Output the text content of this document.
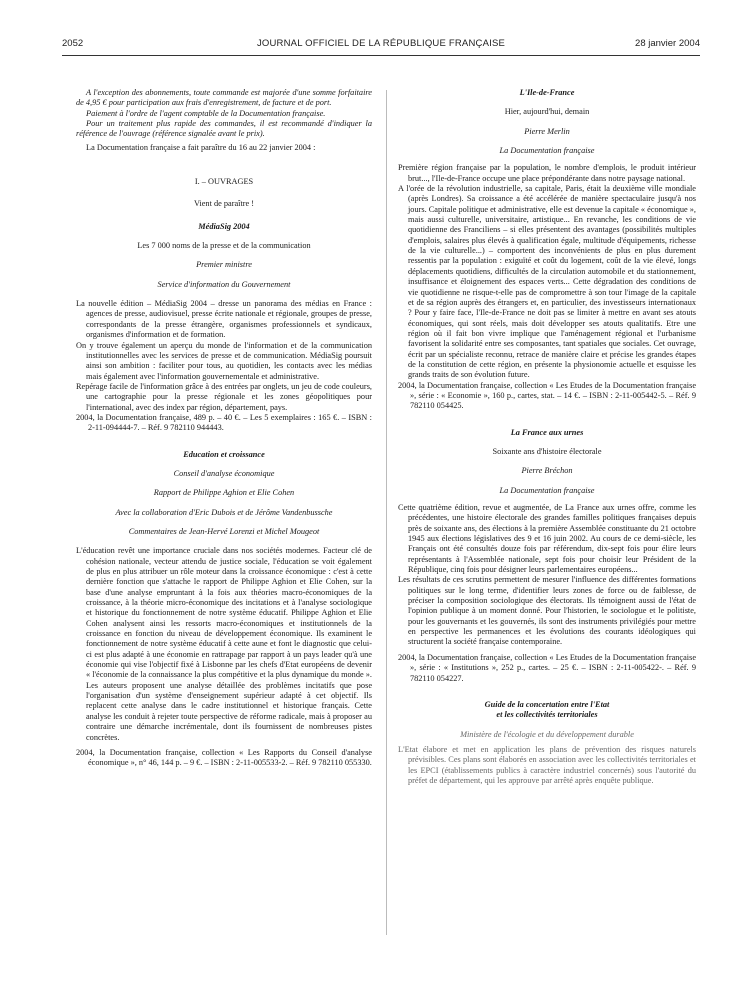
2052	JOURNAL OFFICIEL DE LA RÉPUBLIQUE FRANÇAISE	28 janvier 2004

A l'exception des abonnements, toute commande est majorée d'une somme forfaitaire de 4,95 € pour participation aux frais d'enregistrement, de facture et de port.

Paiement à l'ordre de l'agent comptable de la Documentation française.

Pour un traitement plus rapide des commandes, il est recommandé d'indiquer la référence de l'ouvrage (référence signalée avant le prix).

La Documentation française a fait paraître du 16 au 22 janvier 2004 :

I. – OUVRAGES

Vient de paraître !

MédiaSig 2004

Les 7 000 noms de la presse et de la communication

Premier ministre

Service d'information du Gouvernement

La nouvelle édition – MédiaSig 2004 – dresse un panorama des médias en France : agences de presse, audiovisuel, presse écrite nationale et régionale, groupes de presse, correspondants de la presse étrangère, organismes professionnels et syndicaux, organismes d'information et de formation.

On y trouve également un aperçu du monde de l'information et de la communication institutionnelles avec les services de presse et de communication. MédiaSig poursuit ainsi son ambition : faciliter pour tous, au quotidien, les contacts avec les médias mais également avec l'information gouvernementale et administrative.

Repérage facile de l'information grâce à des entrées par onglets, un jeu de code couleurs, une cartographie pour la presse régionale et les zones géopolitiques pour l'international, avec des index par région, département, pays.

2004, la Documentation française, 489 p. – 40 €. – Les 5 exemplaires : 165 €. – ISBN : 2-11-094444-7. – Réf. 9 782110 944443.

Education et croissance

Conseil d'analyse économique

Rapport de Philippe Aghion et Elie Cohen

Avec la collaboration d'Eric Dubois et de Jérôme Vandenbussche

Commentaires de Jean-Hervé Lorenzi et Michel Mougeot

L'éducation revêt une importance cruciale dans nos sociétés modernes. Facteur clé de cohésion nationale, vecteur attendu de justice sociale, l'éducation se voit également de plus en plus attribuer un rôle moteur dans la croissance économique : c'est à cette dernière fonction que s'attache le rapport de Philippe Aghion et Elie Cohen, sur la base d'une analyse empruntant à la fois aux théories macro-économiques de la croissance, à la théorie micro-économique des incitations et à l'analyse sociologique et historique du fonctionnement de notre système éducatif. Philippe Aghion et Elie Cohen analysent ainsi les ressorts macro-économiques et institutionnels de la croissance en fonction du niveau de développement économique. Ils examinent le fonctionnement de notre système éducatif à cette aune et font le diagnostic que celui-ci est plus adapté à une économie en rattrapage par rapport à un pays leader qu'à une économie qui vise l'objectif fixé à Lisbonne par les chefs d'Etat européens de devenir « l'économie de la connaissance la plus compétitive et la plus dynamique du monde ». Les auteurs proposent une analyse détaillée des problèmes incitatifs que pose l'organisation d'un système d'enseignement supérieur adapté à cet objectif. Ils replacent cette analyse dans le cadre institutionnel et historique français. Cette analyse les conduit à rejeter toute perspective de réforme radicale, mais à proposer au contraire une démarche incrémentale, dont ils fournissent de nombreuses pistes concrètes.

2004, la Documentation française, collection « Les Rapports du Conseil d'analyse économique », n° 46, 144 p. – 9 €. – ISBN : 2-11-005533-2. – Réf. 9 782110 055330.

L'Ile-de-France

Hier, aujourd'hui, demain

Pierre Merlin

La Documentation française

Première région française par la population, le nombre d'emplois, le produit intérieur brut..., l'Ile-de-France occupe une place prépondérante dans notre paysage national.

A l'orée de la révolution industrielle, sa capitale, Paris, était la deuxième ville mondiale (après Londres). Sa croissance a été accélérée de manière spectaculaire jusqu'à nos jours. Capitale politique et administrative, elle est devenue la capitale « économique », mais aussi culturelle, universitaire, artistique... En revanche, les conditions de vie quotidienne des Franciliens – si elles présentent des avantages (possibilités multiples d'emplois, salaires plus élevés à qualification égale, multitude d'équipements, richesse de la vie culturelle...) – comportent des inconvénients de plus en plus durement ressentis par la population : exiguïté et coût du logement, coût de la vie élevé, longs déplacements quotidiens, difficultés de la circulation automobile et du stationnement, insuffisance et éloignement des espaces verts... Cette dégradation des conditions de vie quotidienne ne risque-t-elle pas de compromettre à son tour l'image de la capitale et de sa région auprès des étrangers et, en particulier, des investisseurs internationaux ? Pour y faire face, l'Ile-de-France ne doit pas se limiter à mettre en avant ses atouts économiques, qui sont réels, mais doit développer ses atouts qualitatifs. Etre une région où il fait bon vivre implique que l'aménagement régional et l'urbanisme favorisent la solidarité entre ses composantes, tant spatiales que sociales. Cet ouvrage, écrit par un spécialiste reconnu, retrace de manière claire et précise les grandes étapes de la constitution de cette région, en présente la physionomie actuelle et esquisse les grands traits de son évolution future.

2004, la Documentation française, collection « Les Etudes de la Documentation française », série : « Economie », 160 p., cartes, stat. – 14 €. – ISBN : 2-11-005442-5. – Réf. 9 782110 054425.

La France aux urnes

Soixante ans d'histoire électorale

Pierre Bréchon

La Documentation française

Cette quatrième édition, revue et augmentée, de La France aux urnes offre, comme les précédentes, une histoire électorale des grandes familles politiques françaises depuis près de soixante ans, des élections à la première Assemblée constituante du 21 octobre 1945 aux élections législatives des 9 et 16 juin 2002. Au cours de ce demi-siècle, les Français ont été consultés douze fois par référendum, dix-sept fois pour élire leurs représentants à l'Assemblée nationale, sept fois pour choisir leur Président de la République, cinq fois pour désigner leurs parlementaires européens...

Les résultats de ces scrutins permettent de mesurer l'influence des différentes formations politiques sur le long terme, d'identifier leurs zones de force ou de faiblesse, de préciser la composition sociologique des électorats. Ils témoignent aussi de l'état de l'opinion publique à un moment donné. Pour l'historien, le sociologue et le politiste, pour les gouvernants et les gouvernés, ils sont des instruments privilégiés pour mettre en perspective les permanences et les évolutions des courants idéologiques qui structurent la société française contemporaine.

2004, la Documentation française, collection « Les Etudes de la Documentation française », série : « Institutions », 252 p., cartes. – 25 €. – ISBN : 2-11-005422-. – Réf. 9 782110 054227.

Guide de la concertation entre l'Etat

et les collectivités territoriales

Ministère de l'écologie et du développement durable

L'Etat élabore et met en application les plans de prévention des risques naturels prévisibles. Ces plans sont élaborés en association avec les collectivités territoriales et les EPCI (établissements publics à caractère industriel concernés) sous l'autorité du préfet de département, qui les approuve par arrêté après enquête publique.
